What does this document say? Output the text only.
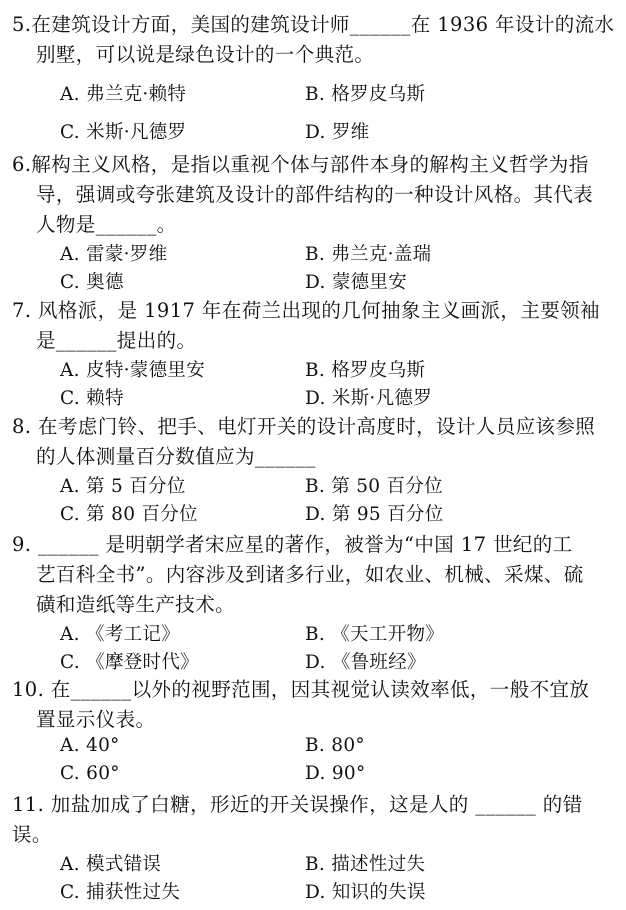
5.在建筑设计方面，美国的建筑设计师______在 1936 年设计的流水
别墅，可以说是绿色设计的一个典范。
A. 弗兰克·赖特	B. 格罗皮乌斯
C. 米斯·凡德罗	D. 罗维
6.解构主义风格，是指以重视个体与部件本身的解构主义哲学为指
导，强调或夸张建筑及设计的部件结构的一种设计风格。其代表
人物是______。
A. 雷蒙·罗维	B. 弗兰克·盖瑞
C. 奥德	D. 蒙德里安
7. 风格派，是 1917 年在荷兰出现的几何抽象主义画派，主要领袖
是______提出的。
A. 皮特·蒙德里安	B. 格罗皮乌斯
C. 赖特	D. 米斯·凡德罗
8. 在考虑门铃、把手、电灯开关的设计高度时，设计人员应该参照
的人体测量百分数值应为______
A. 第 5 百分位	B. 第 50 百分位
C. 第 80 百分位	D. 第 95 百分位
9. ______ 是明朝学者宋应星的著作，被誉为“中国 17 世纪的工
艺百科全书”。内容涉及到诸多行业，如农业、机械、采煤、硫
磺和造纸等生产技术。
A. 《考工记》	B. 《天工开物》
C. 《摩登时代》	D. 《鲁班经》
10. 在______以外的视野范围，因其视觉认读效率低，一般不宜放
置显示仪表。
A. 40°	B. 80°
C. 60°	D. 90°
11. 加盐加成了白糖，形近的开关误操作，这是人的 ______ 的错误。
A. 模式错误	B. 描述性过失
C. 捕获性过失	D. 知识的失误
